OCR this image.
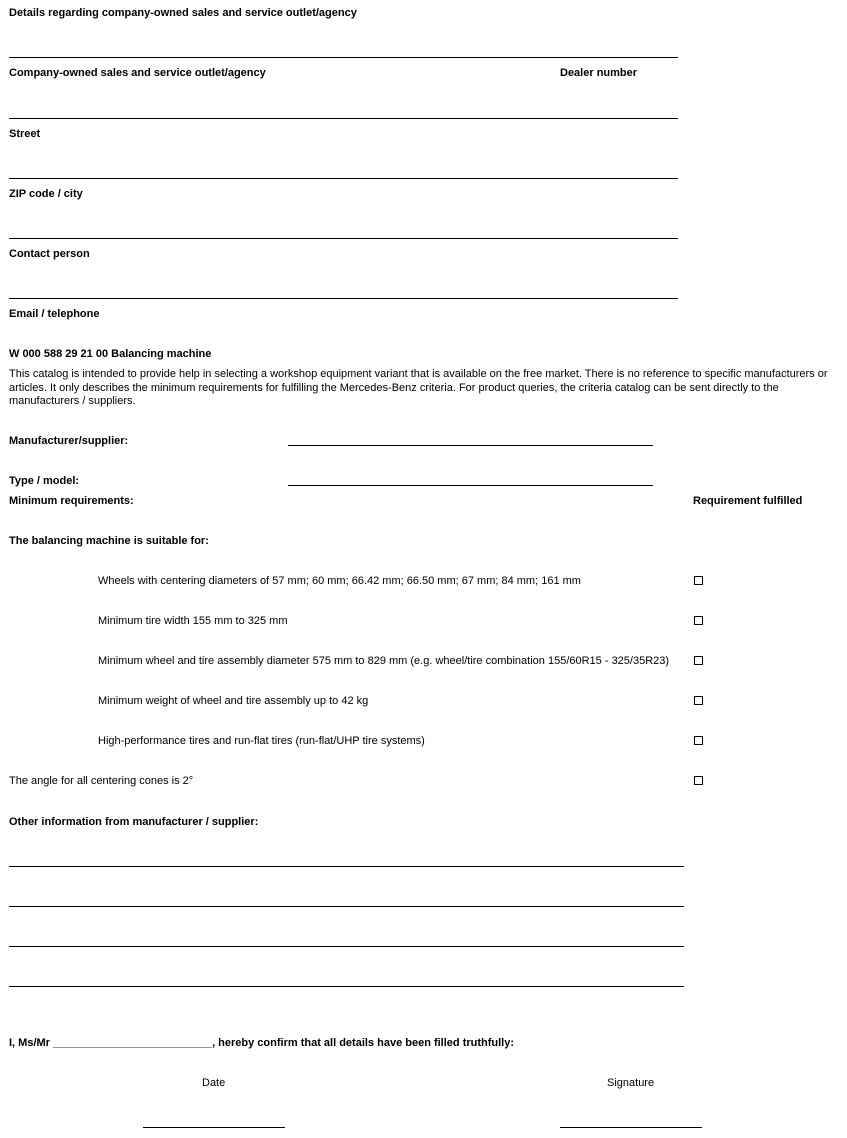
Details regarding company-owned sales and service outlet/agency
Company-owned sales and service outlet/agency	Dealer number
Street
ZIP code / city
Contact person
Email / telephone
W 000 588 29 21 00 Balancing machine
This catalog is intended to provide help in selecting a workshop equipment variant that is available on the free market. There is no reference to specific manufacturers or articles. It only describes the minimum requirements for fulfilling the Mercedes-Benz criteria. For product queries, the criteria catalog can be sent directly to the manufacturers / suppliers.
Manufacturer/supplier:
Type / model:
Minimum requirements:	Requirement fulfilled
The balancing machine is suitable for:
Wheels with centering diameters of 57 mm; 60 mm; 66.42 mm; 66.50 mm; 67 mm; 84 mm; 161 mm
Minimum tire width 155 mm to 325 mm
Minimum wheel and tire assembly diameter 575 mm to 829 mm (e.g. wheel/tire combination 155/60R15 - 325/35R23)
Minimum weight of wheel and tire assembly up to 42 kg
High-performance tires and run-flat tires (run-flat/UHP tire systems)
The angle for all centering cones is 2°
Other information from manufacturer / supplier:
I, Ms/Mr __________________________, hereby confirm that all details have been filled truthfully:
Date	Signature
